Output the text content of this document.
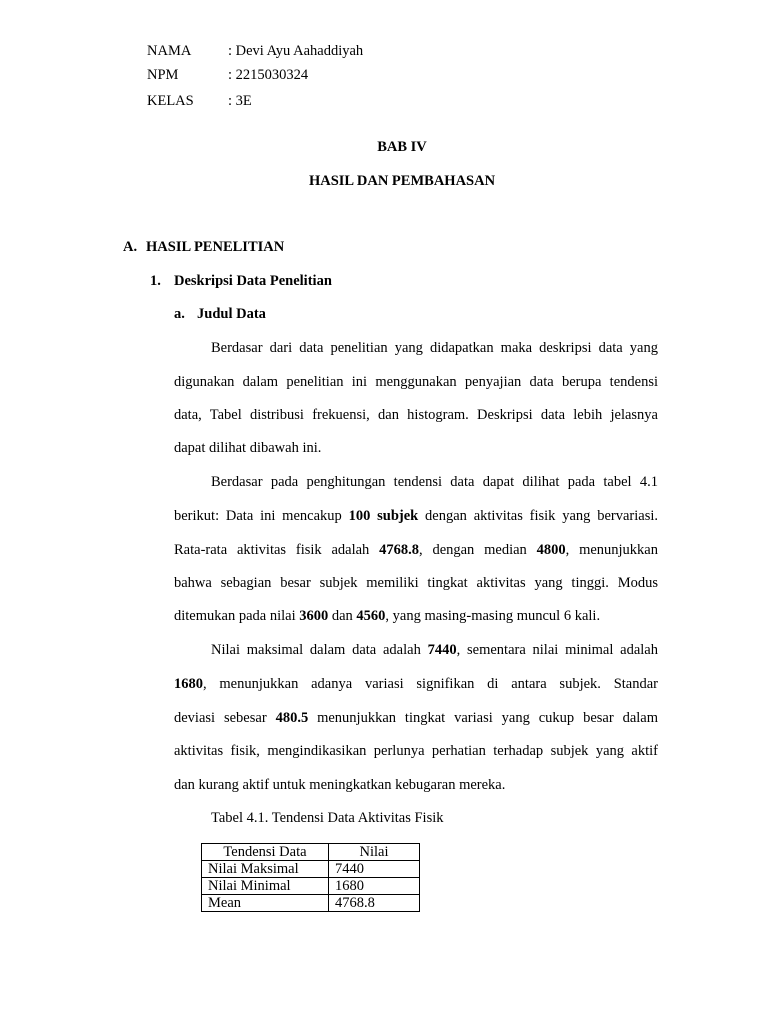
NAMA	: Devi Ayu Aahaddiyah
NPM	: 2215030324
KELAS : 3E
BAB IV
HASIL DAN PEMBAHASAN
A. HASIL PENELITIAN
1. Deskripsi Data Penelitian
a. Judul Data
Berdasar dari data penelitian yang didapatkan maka deskripsi data yang
digunakan dalam penelitian ini menggunakan penyajian data berupa tendensi
data, Tabel distribusi frekuensi, dan histogram. Deskripsi data lebih jelasnya
dapat dilihat dibawah ini.
Berdasar pada penghitungan tendensi data dapat dilihat pada tabel 4.1
berikut: Data ini mencakup 100 subjek dengan aktivitas fisik yang bervariasi.
Rata-rata aktivitas fisik adalah 4768.8, dengan median 4800, menunjukkan
bahwa sebagian besar subjek memiliki tingkat aktivitas yang tinggi. Modus
ditemukan pada nilai 3600 dan 4560, yang masing-masing muncul 6 kali.
Nilai maksimal dalam data adalah 7440, sementara nilai minimal adalah
1680, menunjukkan adanya variasi signifikan di antara subjek. Standar
deviasi sebesar 480.5 menunjukkan tingkat variasi yang cukup besar dalam
aktivitas fisik, mengindikasikan perlunya perhatian terhadap subjek yang aktif
dan kurang aktif untuk meningkatkan kebugaran mereka.
Tabel 4.1. Tendensi Data Aktivitas Fisik
Tendensi Data	Nilai
Nilai Maksimal	7440
Nilai Minimal	1680
Mean	4768.8
